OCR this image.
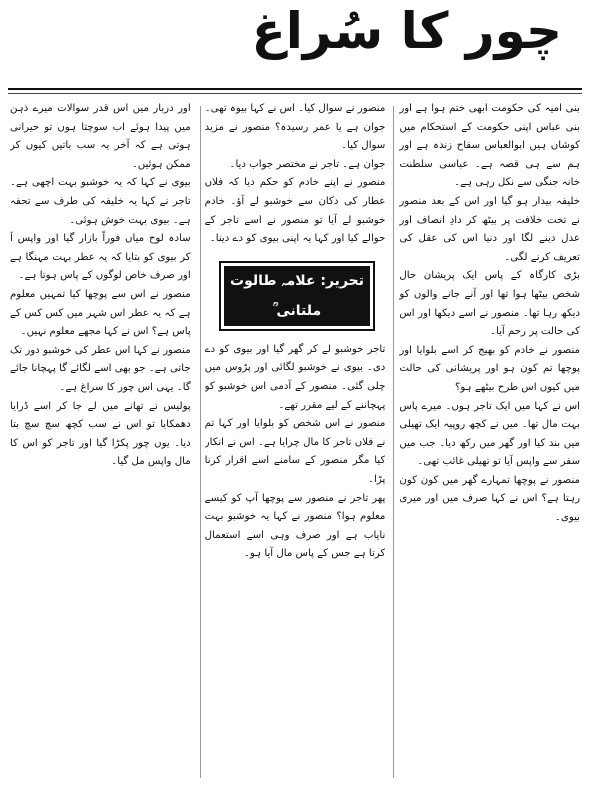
چور کا سُراغ

بنی امیہ کی حکومت ابھی ختم ہوا ہے اور بنی عباس اپنی حکومت کے استحکام میں کوشاں ہیں ابوالعباس سفاح زندہ ہے اور ہم سے ہی قصہ ہے۔ عباسی سلطنت خانہ جنگی سے نکل رہی ہے۔

خلیفہ بیدار ہو گیا اور اس کے بعد منصور نے تخت خلافت پر بیٹھ کر دادِ انصاف اور عدل دینے لگا اور دنیا اس کی عقل کی تعریف کرنے لگی۔

بڑی کارگاہ کے پاس ایک پریشان حال شخص بیٹھا ہوا تھا اور آنے جانے والوں کو دیکھ رہا تھا۔ منصور نے اسے دیکھا اور اس کی حالت پر رحم آیا۔

منصور نے خادم کو بھیج کر اسے بلوایا اور پوچھا تم کون ہو اور پریشانی کی حالت میں کیوں اس طرح بیٹھے ہو؟

اس نے کہا میں ایک تاجر ہوں۔ میرے پاس بہت مال تھا۔ میں نے کچھ روپیہ ایک تھیلی میں بند کیا اور گھر میں رکھ دیا۔ جب میں سفر سے واپس آیا تو تھیلی غائب تھی۔

منصور نے پوچھا تمہارے گھر میں کون کون رہتا ہے؟ اس نے کہا صرف میں اور میری بیوی۔

منصور نے سوال کیا۔ اس نے کہا بیوہ تھی۔ جوان ہے یا عمر رسیدہ؟ منصور نے مزید سوال کیا۔

جوان ہے۔ تاجر نے مختصر جواب دیا۔

منصور نے اپنے خادم کو حکم دیا کہ فلاں عطار کی دکان سے خوشبو لے آؤ۔ خادم خوشبو لے آیا تو منصور نے اسے تاجر کے حوالے کیا اور کہا یہ اپنی بیوی کو دے دینا۔

تحریر: علامہ طالوت ملتانی ؒ

تاجر خوشبو لے کر گھر گیا اور بیوی کو دے دی۔ بیوی نے خوشبو لگائی اور پڑوس میں چلی گئی۔ منصور کے آدمی اس خوشبو کو پہچاننے کے لیے مقرر تھے۔

منصور نے اس شخص کو بلوایا اور کہا تم نے فلاں تاجر کا مال چرایا ہے۔ اس نے انکار کیا مگر منصور کے سامنے اسے اقرار کرنا پڑا۔

پھر تاجر نے منصور سے پوچھا آپ کو کیسے معلوم ہوا؟ منصور نے کہا یہ خوشبو بہت نایاب ہے اور صرف وہی اسے استعمال کرتا ہے جس کے پاس مال آیا ہو۔

اور دربار میں اس قدر سوالات میرے ذہن میں پیدا ہوئے اب سوچتا ہوں تو حیرانی ہوتی ہے کہ آخر یہ سب باتیں کیوں کر ممکن ہوئیں۔

بیوی نے کہا کہ یہ خوشبو بہت اچھی ہے۔ تاجر نے کہا یہ خلیفہ کی طرف سے تحفہ ہے۔ بیوی بہت خوش ہوئی۔

سادہ لوح میاں فوراً بازار گیا اور واپس آ کر بیوی کو بتایا کہ یہ عطر بہت مہنگا ہے اور صرف خاص لوگوں کے پاس ہوتا ہے۔

منصور نے اس سے پوچھا کیا تمہیں معلوم ہے کہ یہ عطر اس شہر میں کس کس کے پاس ہے؟ اس نے کہا مجھے معلوم نہیں۔

منصور نے کہا اس عطر کی خوشبو دور تک جاتی ہے۔ جو بھی اسے لگائے گا پہچانا جائے گا۔ یہی اس چور کا سراغ ہے۔

پولیس نے تھانے میں لے جا کر اسے ڈرایا دھمکایا تو اس نے سب کچھ سچ سچ بتا دیا۔ یوں چور پکڑا گیا اور تاجر کو اس کا مال واپس مل گیا۔
